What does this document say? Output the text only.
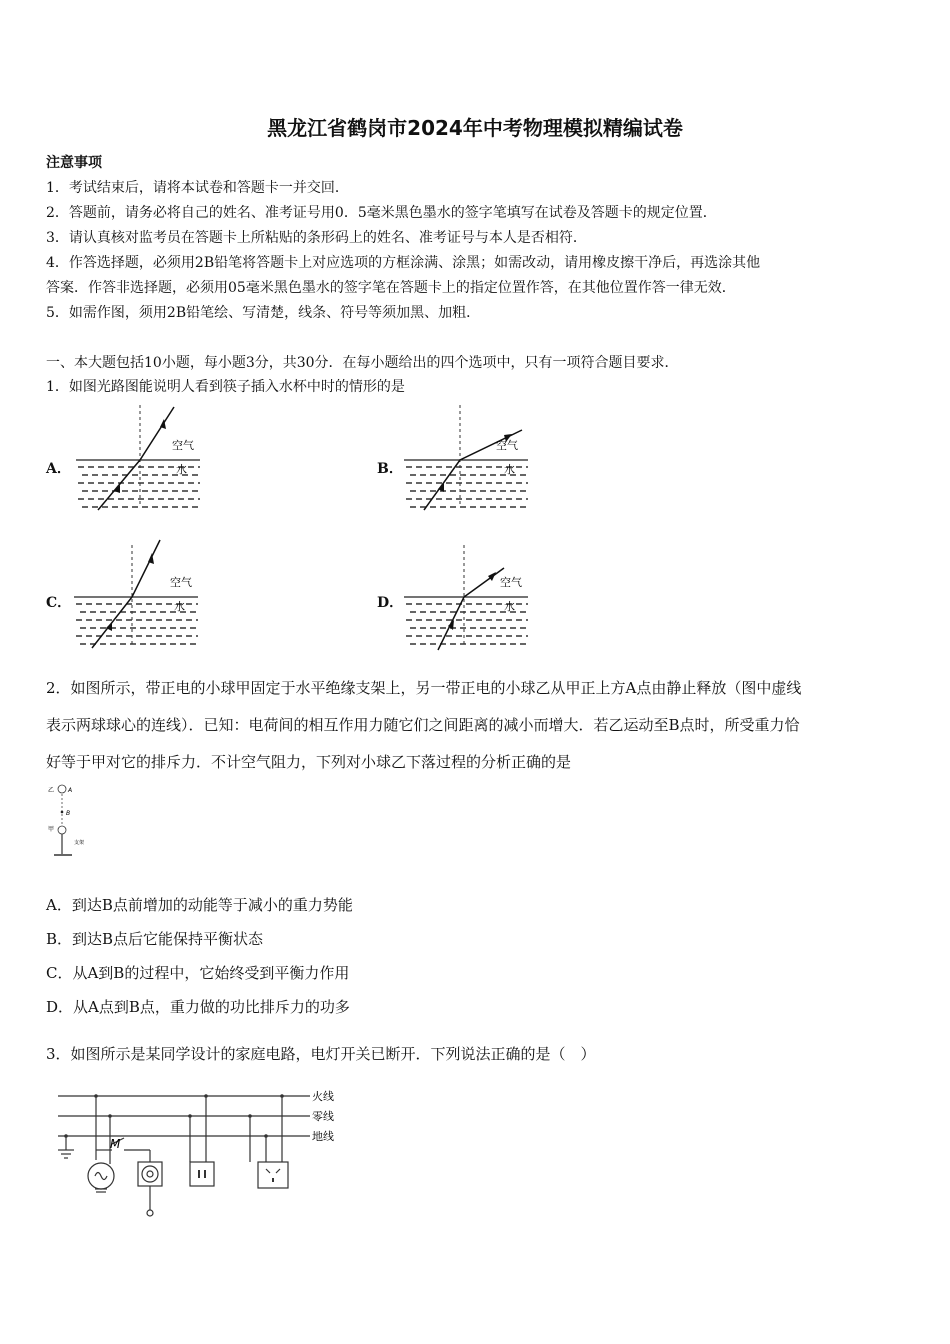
黑龙江省鹤岗市2024年中考物理模拟精编试卷
注意事项
1．考试结束后，请将本试卷和答题卡一并交回．
2．答题前，请务必将自己的姓名、准考证号用0．5毫米黑色墨水的签字笔填写在试卷及答题卡的规定位置．
3．请认真核对监考员在答题卡上所粘贴的条形码上的姓名、准考证号与本人是否相符．
4．作答选择题，必须用2B铅笔将答题卡上对应选项的方框涂满、涂黑；如需改动，请用橡皮擦干净后，再选涂其他
答案．作答非选择题，必须用05毫米黑色墨水的签字笔在答题卡上的指定位置作答，在其他位置作答一律无效．
5．如需作图，须用2B铅笔绘、写清楚，线条、符号等须加黑、加粗．
一、本大题包括10小题，每小题3分，共30分．在每小题给出的四个选项中，只有一项符合题目要求．
1．如图光路图能说明人看到筷子插入水杯中时的情形的是
A．	B．
C．	D．
空气
水
空气
水
空气
水
空气
水
2．如图所示，带正电的小球甲固定于水平绝缘支架上，另一带正电的小球乙从甲正上方A点由静止释放（图中虚线
表示两球球心的连线）．已知：电荷间的相互作用力随它们之间距离的减小而增大．若乙运动至B点时，所受重力恰
好等于甲对它的排斥力．不计空气阻力，下列对小球乙下落过程的分析正确的是
乙 A
B
甲
支架
A．到达B点前增加的动能等于减小的重力势能
B．到达B点后它能保持平衡状态
C．从A到B的过程中，它始终受到平衡力作用
D．从A点到B点，重力做的功比排斥力的功多
3．如图所示是某同学设计的家庭电路，电灯开关已断开．下列说法正确的是（　）
M
火线
零线
地线
